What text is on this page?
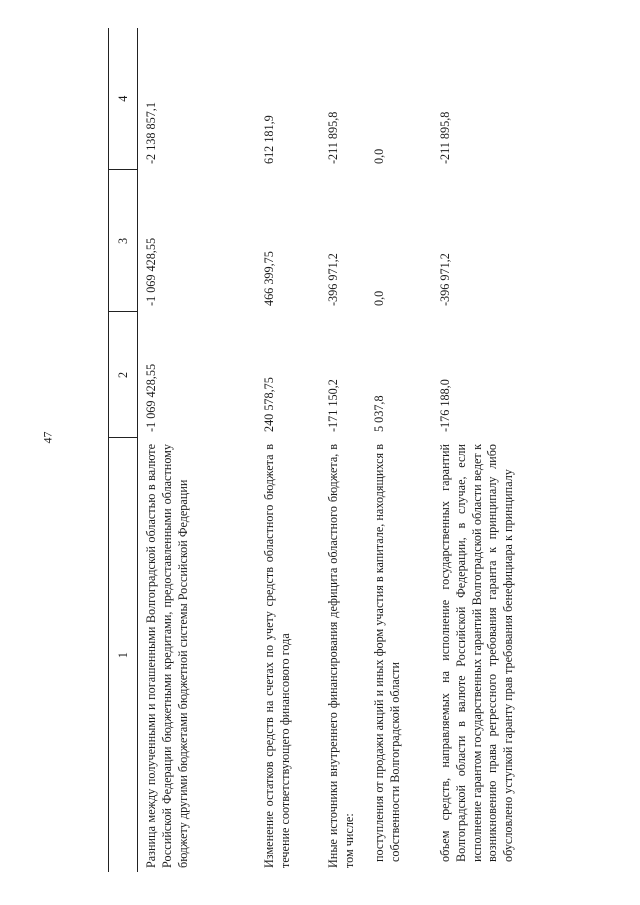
47
1	2	3	4
Разница между полученными и погашенными Волгоградской областью в валюте Российской Федерации бюджетными кредитами, предоставленными областному бюджету другими бюджетами бюджетной системы Российской Федерации	-1 069 428,55	-1 069 428,55	-2 138 857,1
Изменение остатков средств на счетах по учету средств областного бюджета в течение соответствующего финансового года	240 578,75	466 399,75	612 181,9
Иные источники внутреннего финансирования дефицита областного бюджета, в том числе:	-171 150,2	-396 971,2	-211 895,8
поступления от продажи акций и иных форм участия в капитале, находящихся в собственности Волгоградской области	5 037,8	0,0	0,0
объем средств, направляемых на исполнение государственных гарантий Волгоградской области в валюте Российской Федерации, в случае, если исполнение гарантом государственных гарантий Волгоградской области ведет к возникновению права регрессного требования гаранта к принципалу либо обусловлено уступкой гаранту прав требования бенефициара к принципалу	-176 188,0	-396 971,2	-211 895,8
